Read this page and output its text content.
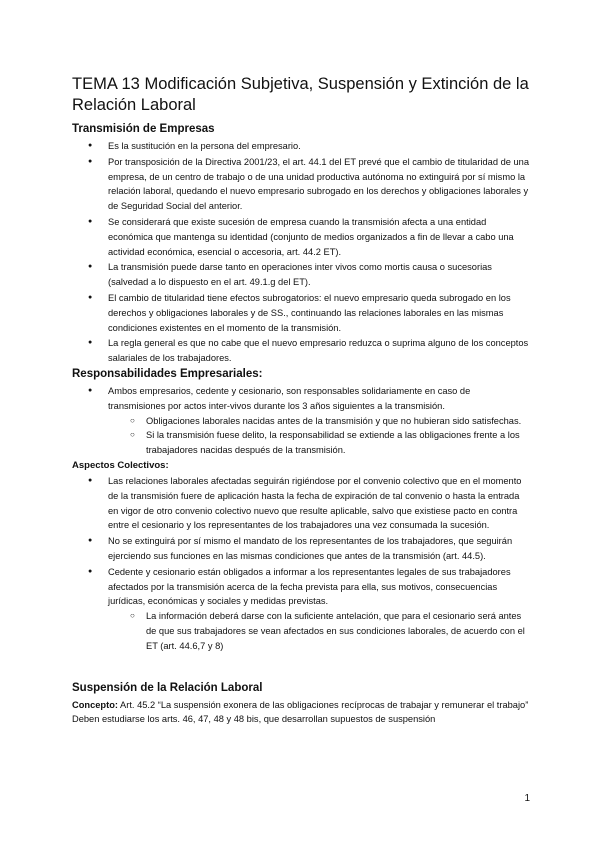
TEMA 13 Modificación Subjetiva, Suspensión y Extinción de la Relación Laboral
Transmisión de Empresas
● Es la sustitución en la persona del empresario.
● Por transposición de la Directiva 2001/23, el art. 44.1 del ET prevé que el cambio de titularidad de una empresa, de un centro de trabajo o de una unidad productiva autónoma no extinguirá por sí mismo la relación laboral, quedando el nuevo empresario subrogado en los derechos y obligaciones laborales y de Seguridad Social del anterior.
● Se considerará que existe sucesión de empresa cuando la transmisión afecta a una entidad económica que mantenga su identidad (conjunto de medios organizados a fin de llevar a cabo una actividad económica, esencial o accesoria, art. 44.2 ET).
● La transmisión puede darse tanto en operaciones inter vivos como mortis causa o sucesorias (salvedad a lo dispuesto en el art. 49.1.g del ET).
● El cambio de titularidad tiene efectos subrogatorios: el nuevo empresario queda subrogado en los derechos y obligaciones laborales y de SS., continuando las relaciones laborales en las mismas condiciones existentes en el momento de la transmisión.
● La regla general es que no cabe que el nuevo empresario reduzca o suprima alguno de los conceptos salariales de los trabajadores.
Responsabilidades Empresariales:
● Ambos empresarios, cedente y cesionario, son responsables solidariamente en caso de transmisiones por actos inter-vivos durante los 3 años siguientes a la transmisión.
○ Obligaciones laborales nacidas antes de la transmisión y que no hubieran sido satisfechas.
○ Si la transmisión fuese delito, la responsabilidad se extiende a las obligaciones frente a los trabajadores nacidas después de la transmisión.
Aspectos Colectivos:
● Las relaciones laborales afectadas seguirán rigiéndose por el convenio colectivo que en el momento de la transmisión fuere de aplicación hasta la fecha de expiración de tal convenio o hasta la entrada en vigor de otro convenio colectivo nuevo que resulte aplicable, salvo que existiese pacto en contra entre el cesionario y los representantes de los trabajadores una vez consumada la sucesión.
● No se extinguirá por sí mismo el mandato de los representantes de los trabajadores, que seguirán ejerciendo sus funciones en las mismas condiciones que antes de la transmisión (art. 44.5).
● Cedente y cesionario están obligados a informar a los representantes legales de sus trabajadores afectados por la transmisión acerca de la fecha prevista para ella, sus motivos, consecuencias jurídicas, económicas y sociales y medidas previstas.
○ La información deberá darse con la suficiente antelación, que para el cesionario será antes de que sus trabajadores se vean afectados en sus condiciones laborales, de acuerdo con el ET (art. 44.6,7 y 8)
Suspensión de la Relación Laboral

Concepto: Art. 45.2 “La suspensión exonera de las obligaciones recíprocas de trabajar y remunerar el trabajo”

Deben estudiarse los arts. 46, 47, 48 y 48 bis, que desarrollan supuestos de suspensión

1
